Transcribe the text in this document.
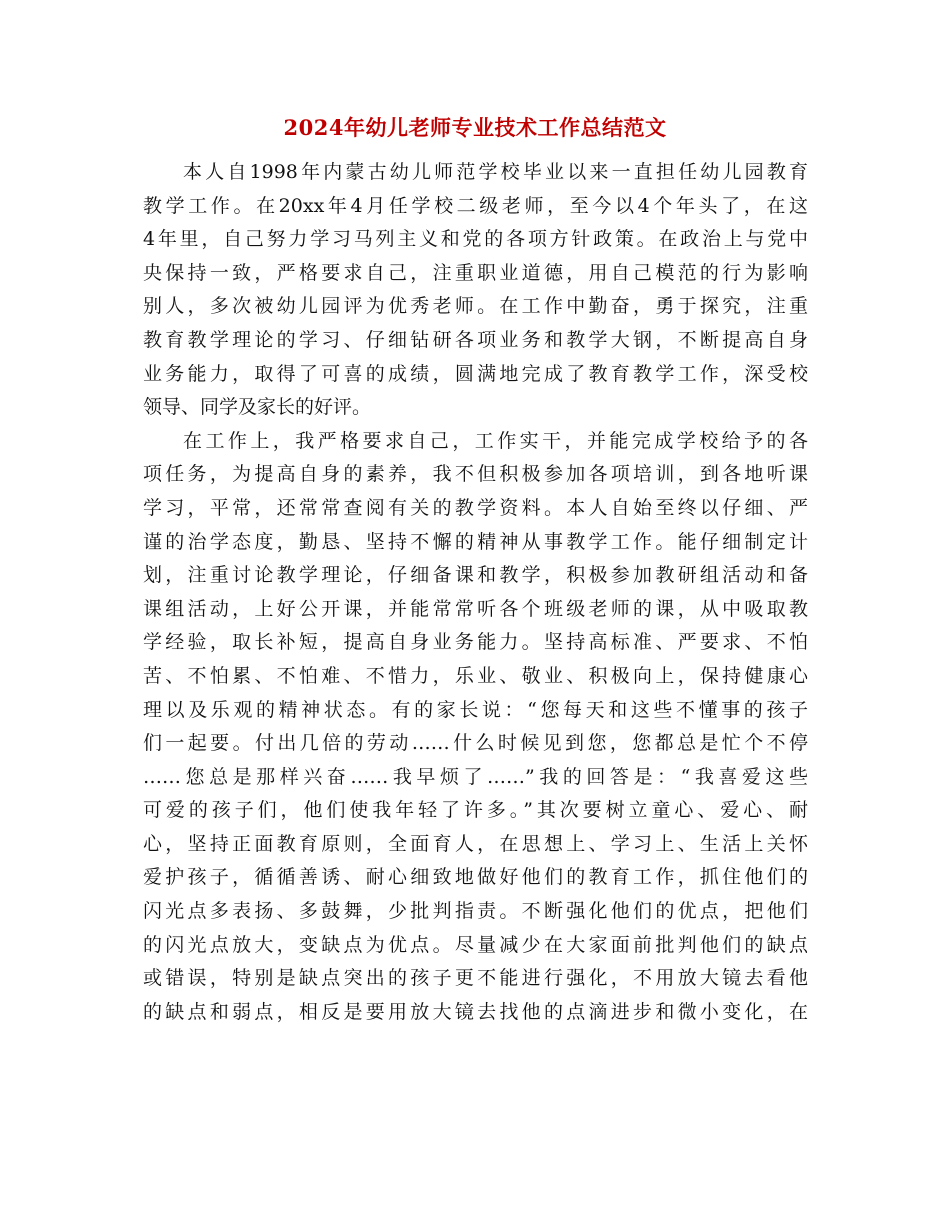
2024年幼儿老师专业技术工作总结范文
本人自1998年内蒙古幼儿师范学校毕业以来一直担任幼儿园教育
教学工作。在20xx年4月任学校二级老师，至今以4个年头了，在这
4年里，自己努力学习马列主义和党的各项方针政策。在政治上与党中
央保持一致，严格要求自己，注重职业道德，用自己模范的行为影响
别人，多次被幼儿园评为优秀老师。在工作中勤奋，勇于探究，注重
教育教学理论的学习、仔细钻研各项业务和教学大钢，不断提高自身
业务能力，取得了可喜的成绩，圆满地完成了教育教学工作，深受校
领导、同学及家长的好评。
在工作上，我严格要求自己，工作实干，并能完成学校给予的各
项任务，为提高自身的素养，我不但积极参加各项培训，到各地听课
学习，平常，还常常查阅有关的教学资料。本人自始至终以仔细、严
谨的治学态度，勤恳、坚持不懈的精神从事教学工作。能仔细制定计
划，注重讨论教学理论，仔细备课和教学，积极参加教研组活动和备
课组活动，上好公开课，并能常常听各个班级老师的课，从中吸取教
学经验，取长补短，提高自身业务能力。坚持高标准、严要求、不怕
苦、不怕累、不怕难、不惜力，乐业、敬业、积极向上，保持健康心
理以及乐观的精神状态。有的家长说：“您每天和这些不懂事的孩子
们一起要。付出几倍的劳动……什么时候见到您，您都总是忙个不停
……您总是那样兴奋……我早烦了……”我的回答是：“我喜爱这些
可爱的孩子们，他们使我年轻了许多。”其次要树立童心、爱心、耐
心，坚持正面教育原则，全面育人，在思想上、学习上、生活上关怀
爱护孩子，循循善诱、耐心细致地做好他们的教育工作，抓住他们的
闪光点多表扬、多鼓舞，少批判指责。不断强化他们的优点，把他们
的闪光点放大，变缺点为优点。尽量减少在大家面前批判他们的缺点
或错误，特别是缺点突出的孩子更不能进行强化，不用放大镜去看他
的缺点和弱点，相反是要用放大镜去找他的点滴进步和微小变化，在
